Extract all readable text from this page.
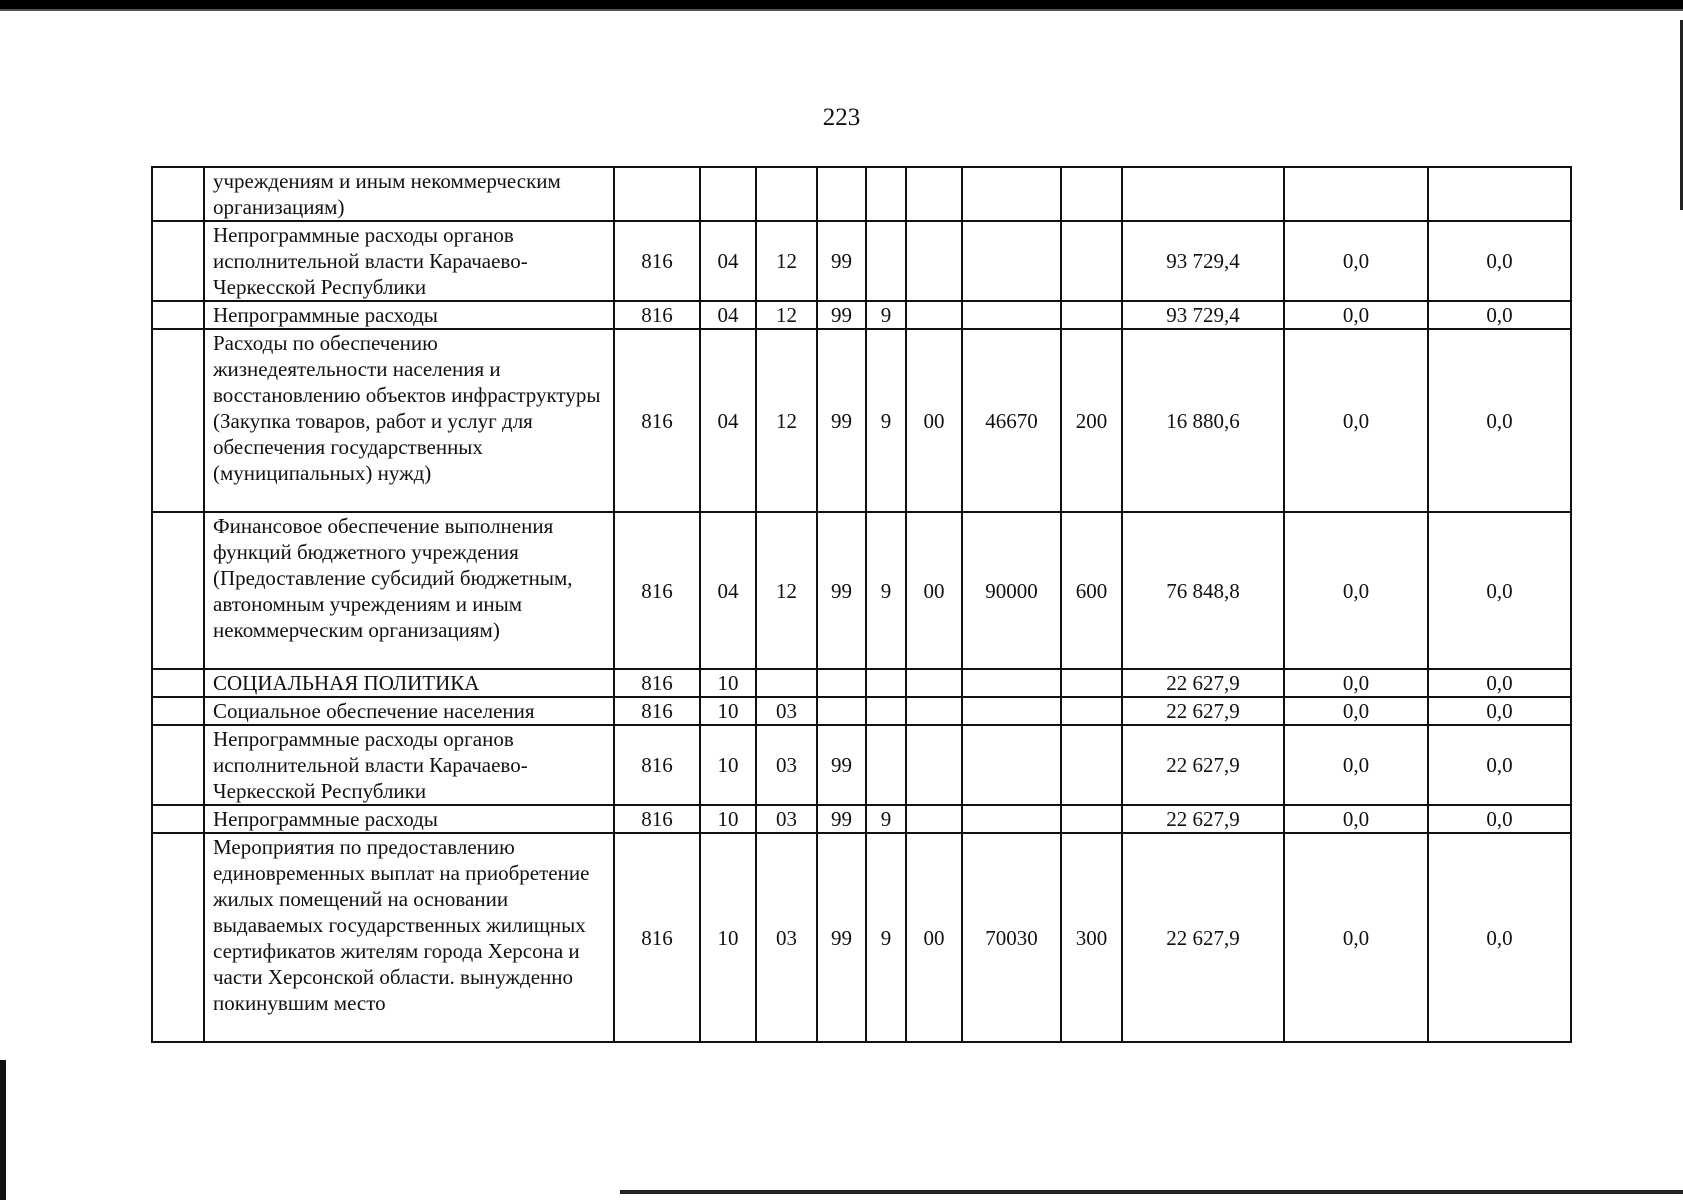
223
	учреждениям и иным некоммерческим организациям)											
	Непрограммные расходы органов исполнительной власти Карачаево-Черкесской Республики	816	04	12	99					93 729,4	0,0	0,0
	Непрограммные расходы	816	04	12	99	9				93 729,4	0,0	0,0
	Расходы по обеспечению жизнедеятельности населения и восстановлению объектов инфраструктуры (Закупка товаров, работ и услуг для обеспечения государственных (муниципальных) нужд)	816	04	12	99	9	00	46670	200	16 880,6	0,0	0,0
	Финансовое обеспечение выполнения функций бюджетного учреждения (Предоставление субсидий бюджетным, автономным учреждениям и иным некоммерческим организациям)	816	04	12	99	9	00	90000	600	76 848,8	0,0	0,0
	СОЦИАЛЬНАЯ ПОЛИТИКА	816	10							22 627,9	0,0	0,0
	Социальное обеспечение населения	816	10	03						22 627,9	0,0	0,0
	Непрограммные расходы органов исполнительной власти Карачаево-Черкесской Республики	816	10	03	99					22 627,9	0,0	0,0
	Непрограммные расходы	816	10	03	99	9				22 627,9	0,0	0,0
	Мероприятия по предоставлению единовременных выплат на приобретение жилых помещений на основании выдаваемых государственных жилищных сертификатов жителям города Херсона и части Херсонской области. вынужденно покинувшим место	816	10	03	99	9	00	70030	300	22 627,9	0,0	0,0
